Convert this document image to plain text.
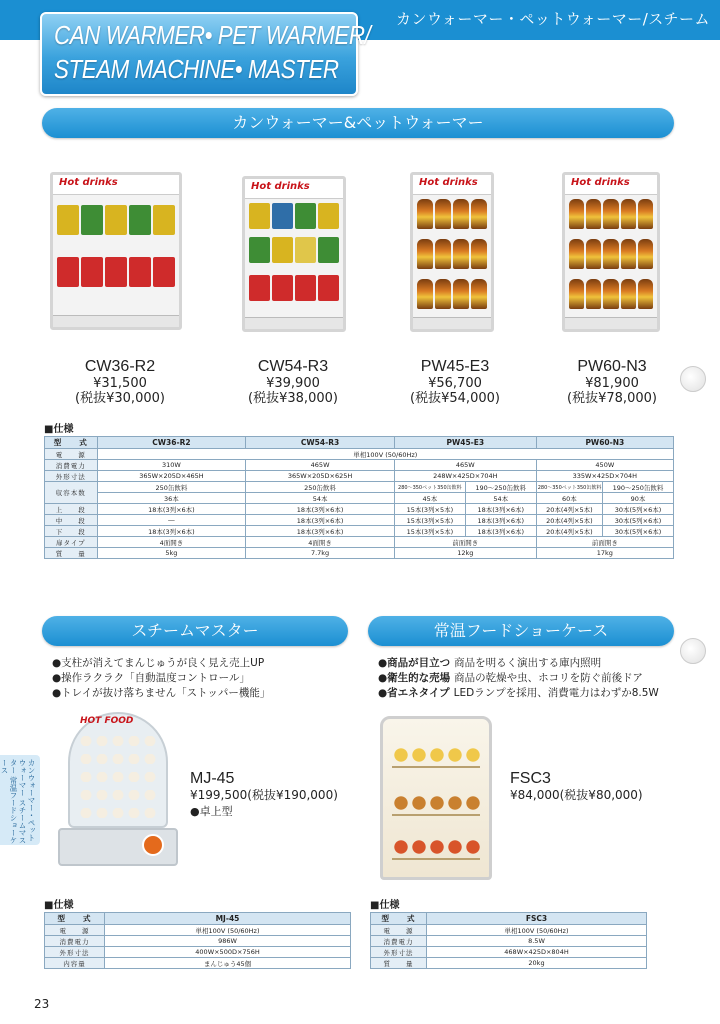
カンウォーマー・ペットウォーマー/スチーム
CAN WARMER• PET WARMER/
STEAM MACHINE• MASTER
カンウォーマー&ペットウォーマー
Hot drinks	Hot drinks	Hot drinks	Hot drinks
CW36-R2
¥31,500
(税抜¥30,000)
CW54-R3
¥39,900
(税抜¥38,000)
PW45-E3
¥56,700
(税抜¥54,000)
PW60-N3
¥81,900
(税抜¥78,000)
■仕様
型　　式	CW36-R2	CW54-R3	PW45-E3		PW60-N3	
電　　源	単相100V (50/60Hz)					
消費電力	310W	465W	465W		450W	
外形寸法	365W×205D×465H	365W×205D×625H	248W×425D×704H		335W×425D×704H	
収容本数	250缶飲料	250缶飲料	280～350ペット350缶飲料	190～250缶飲料	280～350ペット350缶飲料	190～250缶飲料
	36本	54本	45本	54本	60本	90本
上　　段	18本(3列×6本)	18本(3列×6本)	15本(3列×5本)	18本(3列×6本)	20本(4列×5本)	30本(5列×6本)
中　　段	―	18本(3列×6本)	15本(3列×5本)	18本(3列×6本)	20本(4列×5本)	30本(5列×6本)
下　　段	18本(3列×6本)	18本(3列×6本)	15本(3列×5本)	18本(3列×6本)	20本(4列×5本)	30本(5列×6本)
扉タイプ	4面開き	4面開き	前面開き		前面開き	
質　　量	5kg	7.7kg	12kg		17kg	
スチームマスター
●支柱が消えてまんじゅうが良く見え売上UP
●操作ラクラク「自動温度コントロール」
●トレイが抜け落ちません「ストッパー機能」
HOT FOOD
MJ-45
¥199,500(税抜¥190,000)
●卓上型
■仕様
型　　式	MJ-45
電　　源	単相100V (50/60Hz)
消費電力	986W
外形寸法	400W×500D×756H
内容量	まんじゅう45個
常温フードショーケース
●商品が目立つ 商品を明るく演出する庫内照明
●衛生的な売場 商品の乾燥や虫、ホコリを防ぐ前後ドア
●省エネタイプ LEDランプを採用、消費電力はわずか8.5W
FSC3
¥84,000(税抜¥80,000)
■仕様
型　　式	FSC3
電　　源	単相100V (50/60Hz)
消費電力	8.5W
外形寸法	468W×425D×804H
質　　量	20kg
カンウォーマー・ペットウォーマー スチームマスター 常温フードショーケース
23
